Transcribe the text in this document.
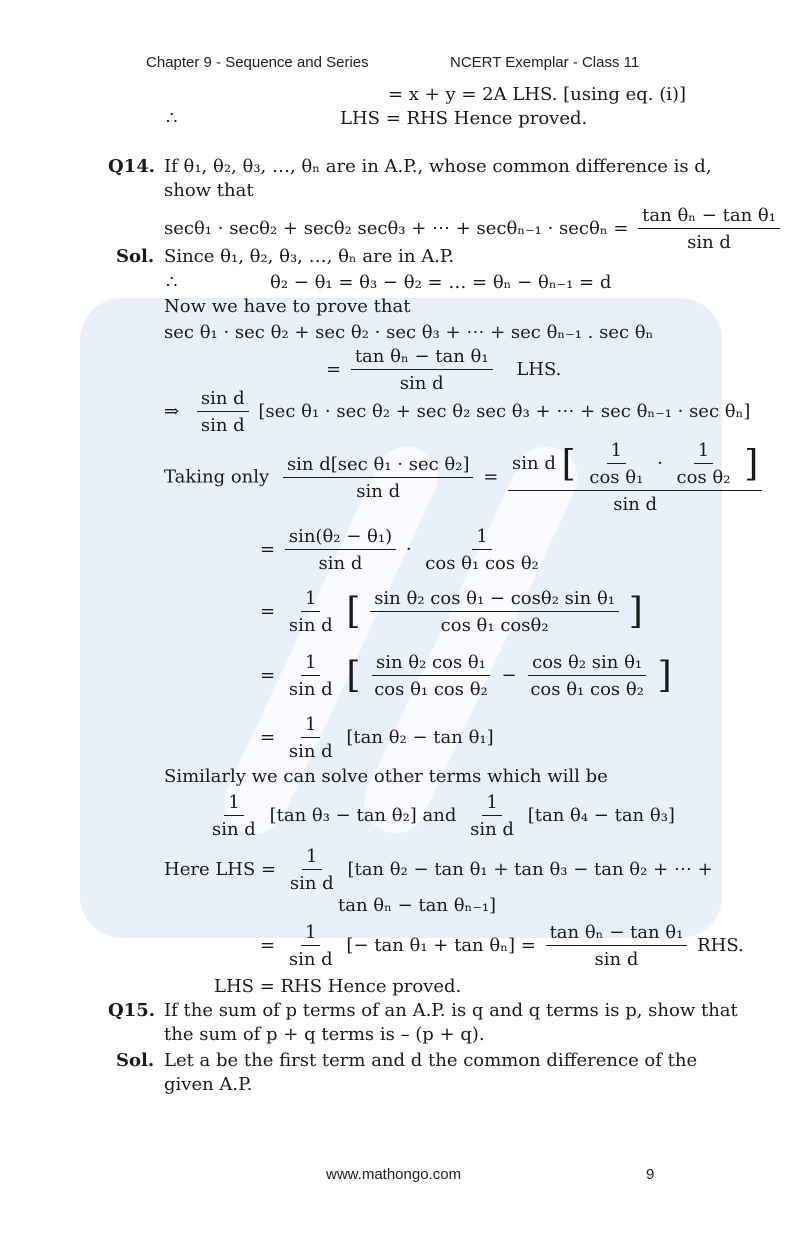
Chapter 9 - Sequence and Series	NCERT Exemplar - Class 11
= x + y = 2A LHS. [using eq. (i)]
∴	LHS = RHS Hence proved.
Q14. If θ₁, θ₂, θ₃, …, θₙ are in A.P., whose common difference is d,
show that
secθ₁ · secθ₂ + secθ₂ secθ₃ + ⋯ + $\sec\theta_{n-1} \cdot \sec\theta_n = \frac{\text{tan θₙ − tan θ₁}}{\text{sin d}}$
Sol. Since θ₁, θ₂, θ₃, …, θₙ are in A.P.
∴	θ₂ − θ₁ = θ₃ − θ₂ = … = θₙ − θₙ₋₁ = d
Now we have to prove that
sec θ₁ · sec θ₂ + sec θ₂ · sec θ₃ + ⋯ + sec θₙ₋₁ . sec θₙ
= $\frac{\text{tan θₙ − tan θ₁}}{\text{sin d}}$ LHS.
⇒ $\frac{\text{sin d}}{\text{sin d}} [\sec$ θ₁ · sec θ₂ + sec θ₂ sec θ₃ + ⋯ + sec θₙ₋₁ · sec θₙ]
Taking only $\frac{\text{sin d[sec θ₁ · sec θ₂]}}{\text{sin d}} = \frac{\sin d [ \frac{1}{\text{cos θ₁}} \cdot \frac{1}{\text{cos θ₂}} ]}{\text{sin d}}$
= $\frac{\text{sin(θ₂ − θ₁)}}{\text{sin d}} \cdot \frac{1}{\text{cos θ₁ cos θ₂}}$
= $\frac{1}{\text{sin d}}$ [ $\frac{\text{sin θ₂ cos θ₁ − cosθ₂ sin θ₁}}{\text{cos θ₁ cosθ₂}}$ ]
= $\frac{1}{\text{sin d}}$ [ $\frac{\text{sin θ₂ cos θ₁}}{\text{cos θ₁ cos θ₂}} - \frac{\text{cos θ₂ sin θ₁}}{\text{cos θ₁ cos θ₂}}$ ]
= $\frac{1}{\text{sin d}} [\tan$ θ₂ − tan θ₁]
Similarly we can solve other terms which will be
$\frac{1}{\text{sin d}} [\tan$ θ₃ − tan θ₂] and $\frac{1}{\text{sin d}} [\tan$ θ₄ − tan θ₃]
Here LHS = $\frac{1}{\text{sin d}} [\tan$ θ₂ − tan θ₁ + tan θ₃ − tan θ₂ + ⋯ +
tan θₙ − tan θₙ₋₁]
= $\frac{1}{\text{sin d}}$ [− $\tan \theta_1 + \tan \theta_n] = \frac{\text{tan θₙ − tan θ₁}}{\text{sin d}}$ RHS.
LHS = RHS Hence proved.
Q15. If the sum of p terms of an A.P. is q and q terms is p, show that
the sum of p + q terms is – (p + q).
Sol. Let a be the first term and d the common difference of the
given A.P.
www.mathongo.com	9
